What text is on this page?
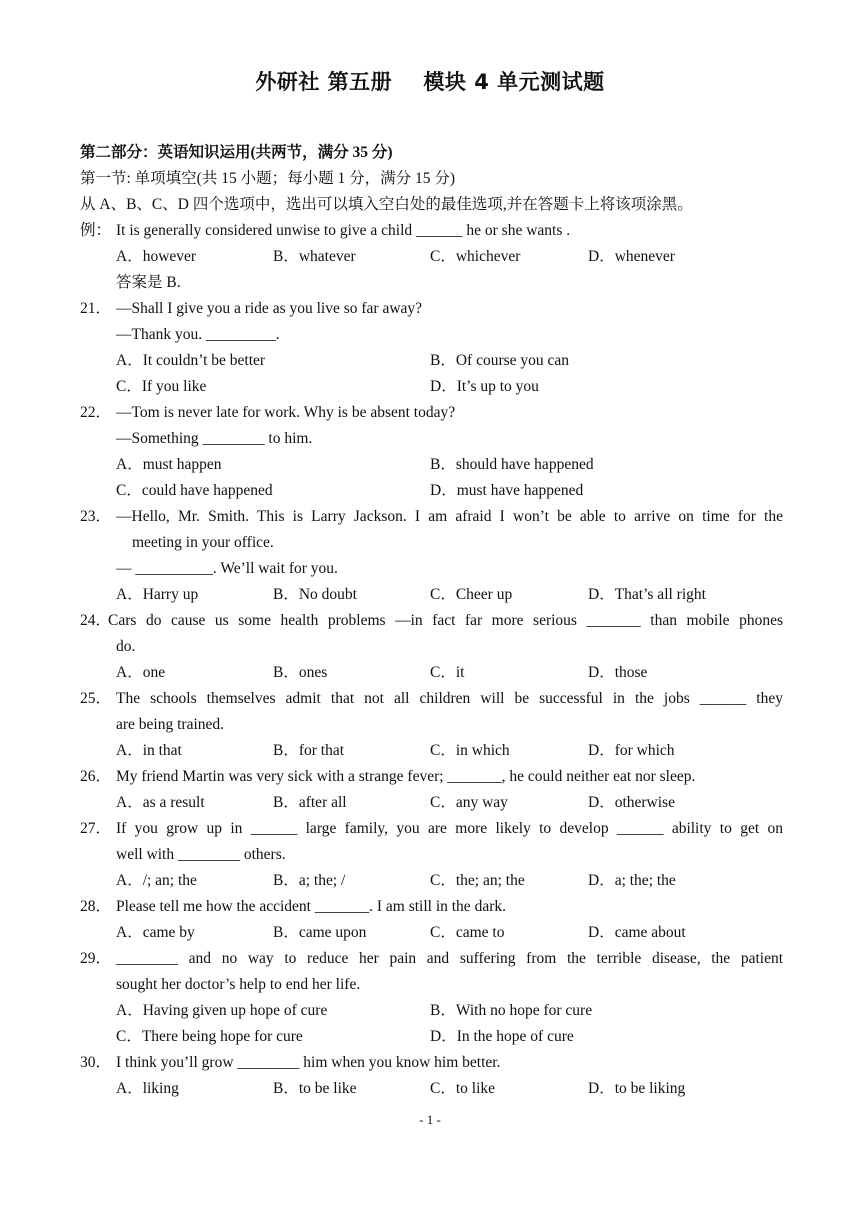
外研社 第五册    模块 4 单元测试题
第二部分：英语知识运用(共两节，满分 35 分)
第一节: 单项填空(共 15 小题；每小题 1 分，满分 15 分)
从 A、B、C、D 四个选项中，选出可以填入空白处的最佳选项,并在答题卡上将该项涂黑。
例： It is generally considered unwise to give a child ______ he or she wants .
A．however	B．whatever	C．whichever	D．whenever
答案是 B.
21． —Shall I give you a ride as you live so far away?
—Thank you. _________.
A．It couldn’t be better	B．Of course you can
C．If you like	D．It’s up to you
22． —Tom is never late for work. Why is be absent today?
—Something ________ to him.
A．must happen	B．should have happened
C．could have happened	D．must have happened
23． —Hello, Mr. Smith. This is Larry Jackson. I am afraid I won’t be able to arrive on time for the
meeting in your office.
— __________. We’ll wait for you.
A．Harry up	B．No doubt	C．Cheer up	D．That’s all right
24．
Cars do cause us some health problems —in fact far more serious _______ than mobile phones
do.
A．one	B．ones	C．it	D．those
25． The schools themselves admit that not all children will be successful in the jobs ______ they
are being trained.
A．in that	B．for that	C．in which	D．for which
26． My friend Martin was very sick with a strange fever; _______, he could neither eat nor sleep.
A．as a result	B．after all	C．any way	D．otherwise
27． If you grow up in ______ large family, you are more likely to develop ______ ability to get on
well with ________ others.
A．/; an; the	B．a; the; /	C．the; an; the	D．a; the; the
28． Please tell me how the accident _______. I am still in the dark.
A．came by	B．came upon	C．came to	D．came about
29． ________ and no way to reduce her pain and suffering from the terrible disease, the patient
sought her doctor’s help to end her life.
A．Having given up hope of cure	B．With no hope for cure
C．There being hope for cure	D．In the hope of cure
30． I think you’ll grow ________ him when you know him better.
A．liking	B．to be like	C．to like	D．to be liking
- 1 -
